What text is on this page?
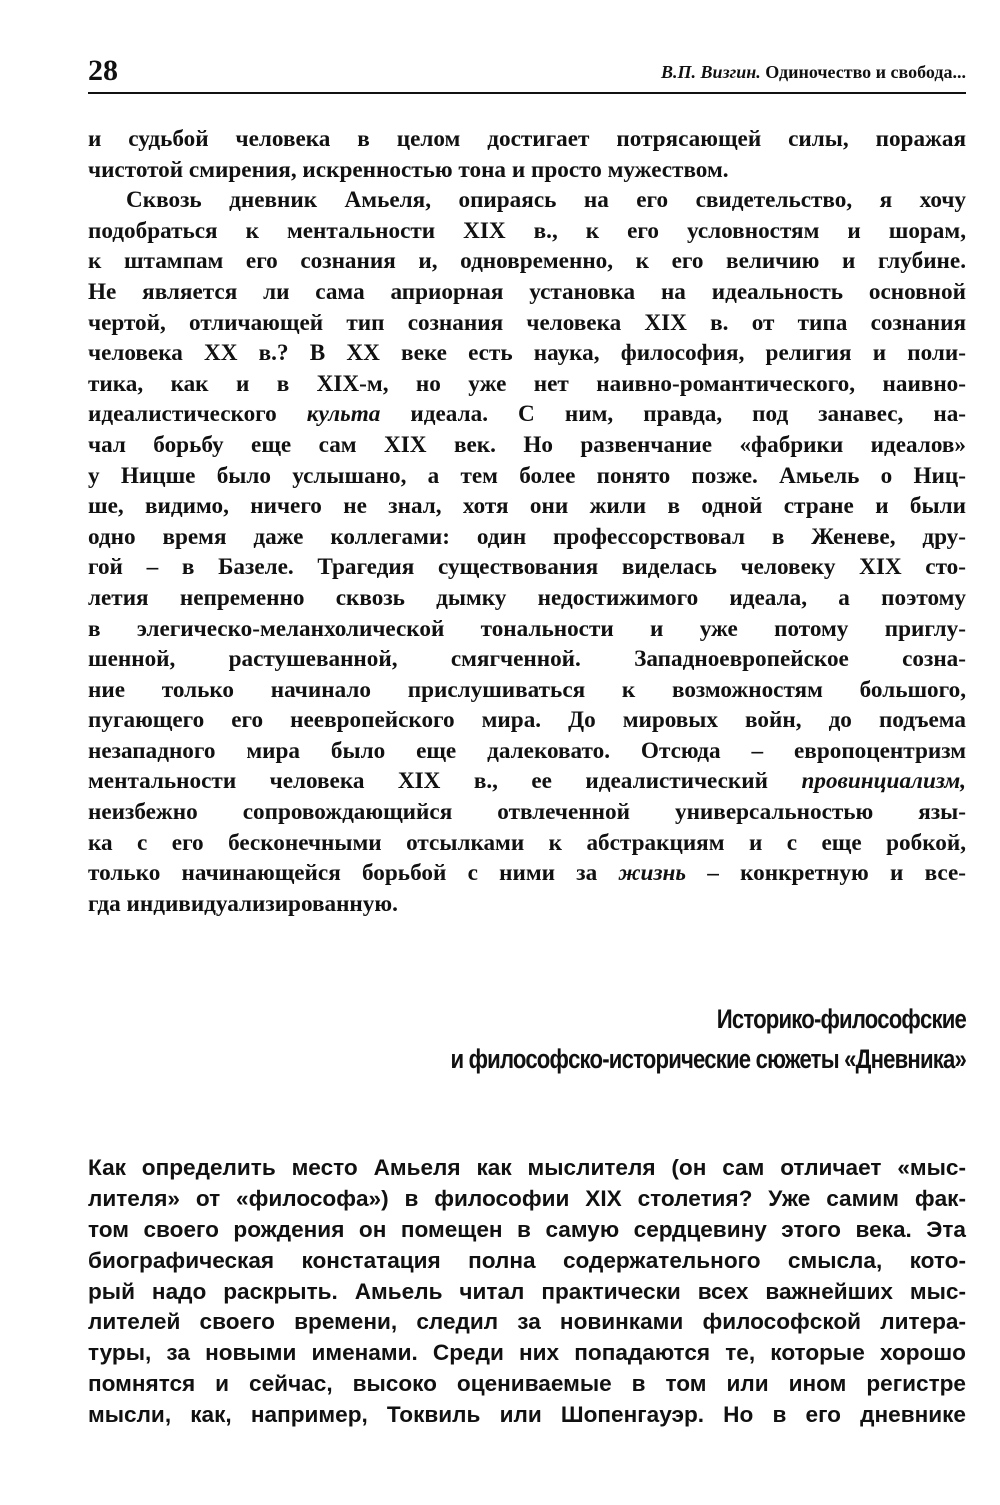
28	В.П. Визгин. Одиночество и свобода...
и судьбой человека в целом достигает потрясающей силы, поражая
чистотой смирения, искренностью тона и просто мужеством.
Сквозь дневник Амьеля, опираясь на его свидетельство, я хочу
подобраться к ментальности XIX в., к его условностям и шорам,
к штампам его сознания и, одновременно, к его величию и глубине.
Не является ли сама априорная установка на идеальность основной
чертой, отличающей тип сознания человека XIX в. от типа сознания
человека XX в.? В XX веке есть наука, философия, религия и поли-
тика, как и в XIX-м, но уже нет наивно-романтического, наивно-
идеалистического культа идеала. С ним, правда, под занавес, на-
чал борьбу еще сам XIX век. Но развенчание «фабрики идеалов»
у Ницше было услышано, а тем более понято позже. Амьель о Ниц-
ше, видимо, ничего не знал, хотя они жили в одной стране и были
одно время даже коллегами: один профессорствовал в Женеве, дру-
гой – в Базеле. Трагедия существования виделась человеку XIX сто-
летия непременно сквозь дымку недостижимого идеала, а поэтому
в элегическо-меланхолической тональности и уже потому приглу-
шенной, растушеванной, смягченной. Западноевропейское созна-
ние только начинало прислушиваться к возможностям большого,
пугающего его неевропейского мира. До мировых войн, до подъема
незападного мира было еще далековато. Отсюда – европоцентризм
ментальности человека XIX в., ее идеалистический провинциализм,
неизбежно сопровождающийся отвлеченной универсальностью язы-
ка с его бесконечными отсылками к абстракциям и с еще робкой,
только начинающейся борьбой с ними за жизнь – конкретную и все-
гда индивидуализированную.
Историко-философские
и философско-исторические сюжеты «Дневника»
Как определить место Амьеля как мыслителя (он сам отличает «мыс-
лителя» от «философа») в философии XIX столетия? Уже самим фак-
том своего рождения он помещен в самую сердцевину этого века. Эта
биографическая констатация полна содержательного смысла, кото-
рый надо раскрыть. Амьель читал практически всех важнейших мыс-
лителей своего времени, следил за новинками философской литера-
туры, за новыми именами. Среди них попадаются те, которые хорошо
помнятся и сейчас, высоко оцениваемые в том или ином регистре
мысли, как, например, Токвиль или Шопенгауэр. Но в его дневнике
